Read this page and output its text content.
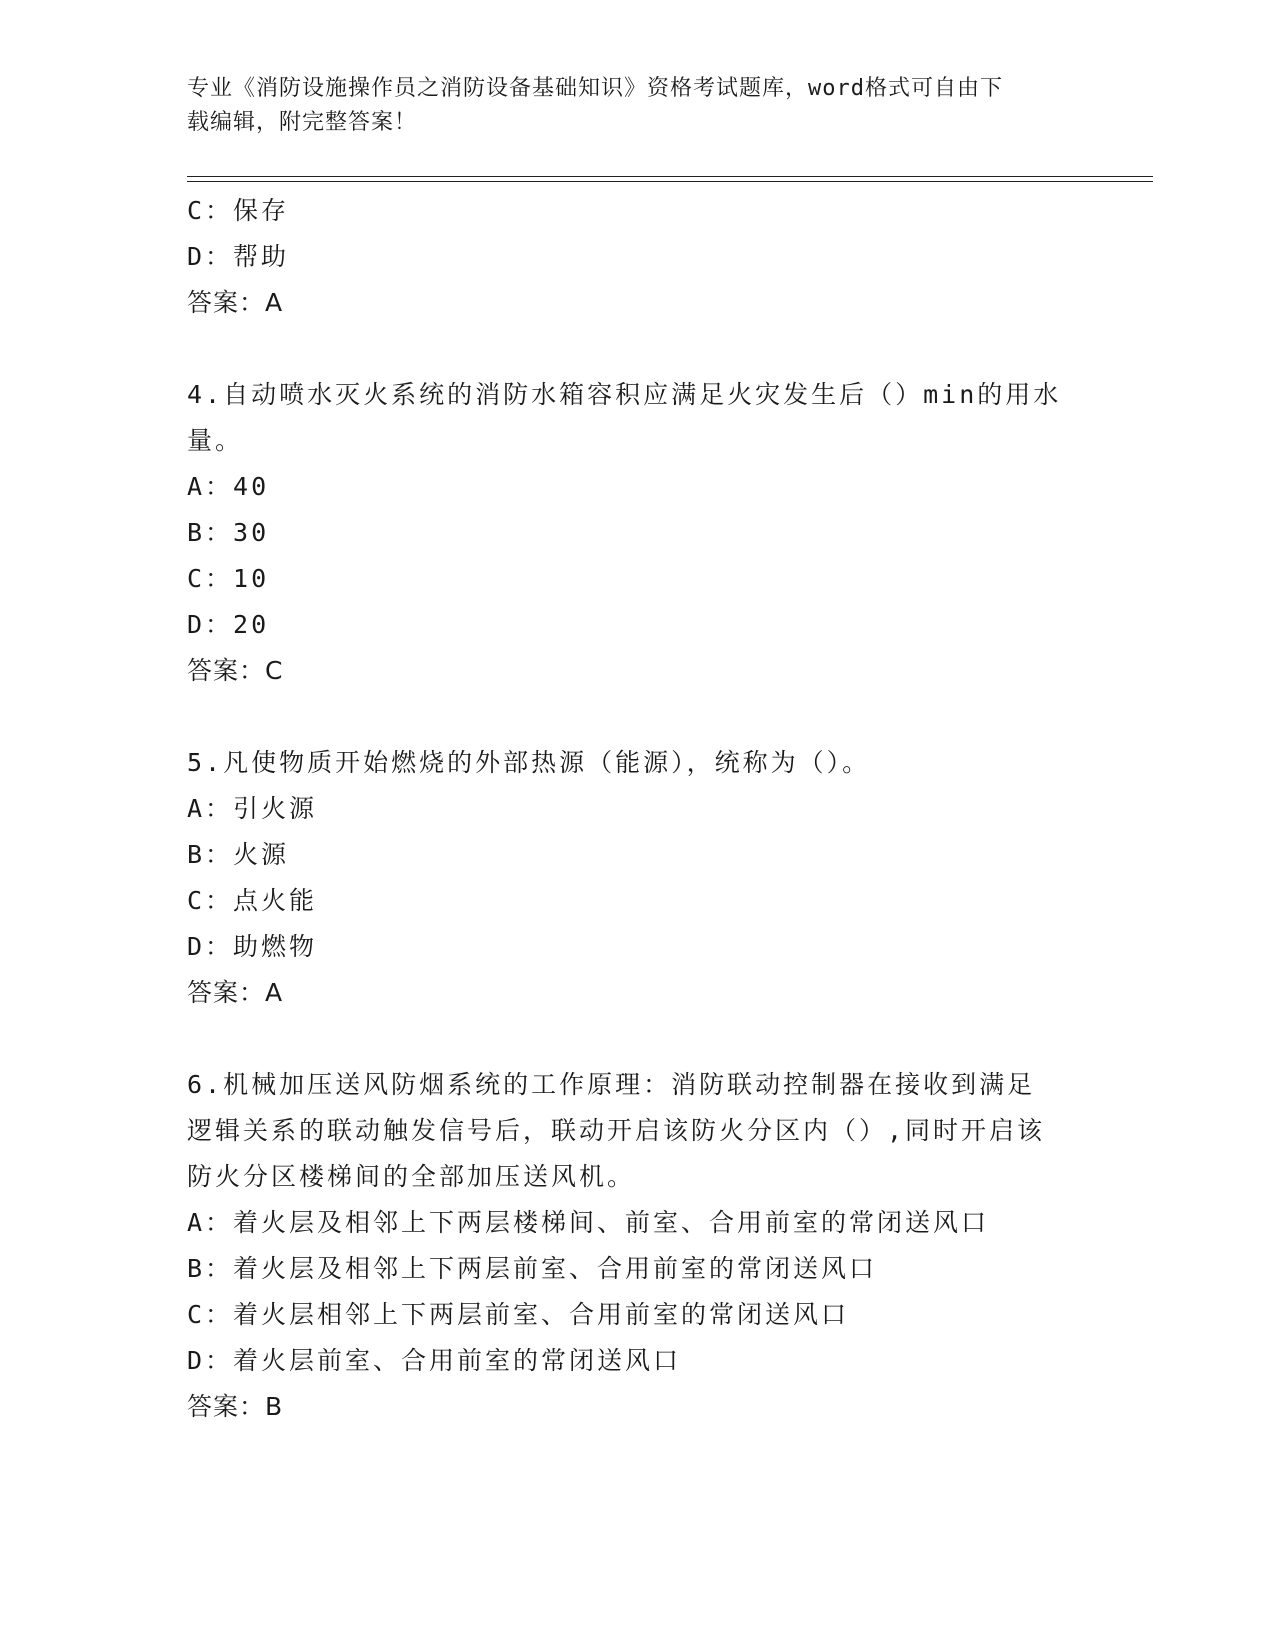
专业《消防设施操作员之消防设备基础知识》资格考试题库，word格式可自由下
载编辑，附完整答案！
C：保存
D：帮助
答案：A
4.自动喷水灭火系统的消防水箱容积应满足火灾发生后（）min的用水
量。
A：40
B：30
C：10
D：20
答案：C
5.凡使物质开始燃烧的外部热源（能源），统称为（）。
A：引火源
B：火源
C：点火能
D：助燃物
答案：A
6.机械加压送风防烟系统的工作原理：消防联动控制器在接收到满足
逻辑关系的联动触发信号后，联动开启该防火分区内（）,同时开启该
防火分区楼梯间的全部加压送风机。
A：着火层及相邻上下两层楼梯间、前室、合用前室的常闭送风口
B：着火层及相邻上下两层前室、合用前室的常闭送风口
C：着火层相邻上下两层前室、合用前室的常闭送风口
D：着火层前室、合用前室的常闭送风口
答案：B
